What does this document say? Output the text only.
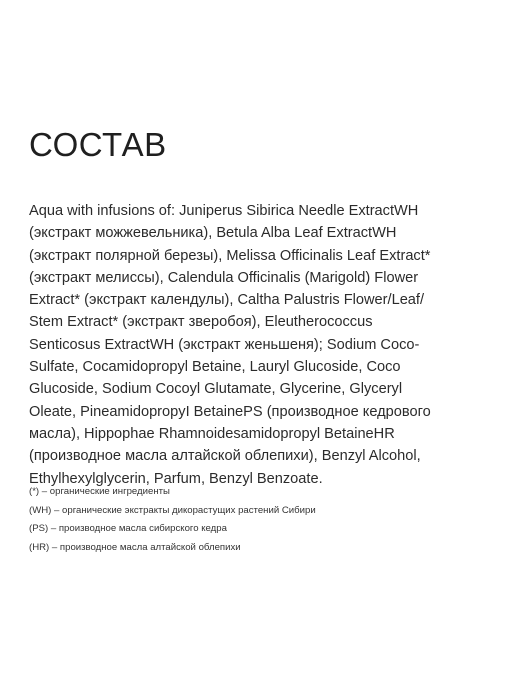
СОСТАВ

Aqua with infusions of: Juniperus Sibirica Needle ExtractWH
(экстракт можжевельника), Betula Alba Leaf ExtractWH
(экстракт полярной березы), Melissa Officinalis Leaf Extract*
(экстракт мелиссы), Calendula Officinalis (Marigold) Flower
Extract* (экстракт календулы), Caltha Palustris Flower/Leaf/
Stem Extract* (экстракт зверобоя), Eleutherococcus
Senticosus ExtractWH (экстракт женьшеня); Sodium Coco-
Sulfate, Cocamidopropyl Betaine, Lauryl Glucoside, Coco
Glucoside, Sodium Cocoyl Glutamate, Glycerine, Glyceryl
Oleate, PineamidopropyI BetainePS (производное кедрового
масла), Hippophae Rhamnoidesamidopropyl BetaineHR
(производное масла алтайской облепихи), Benzyl Alcohol,
Ethylhexylglycerin, Parfum, Benzyl Benzoate.

(*) – органические ингредиенты
(WH) – органические экстракты дикорастущих растений Сибири
(PS) – производное масла сибирского кедра
(HR) – производное масла алтайской облепихи
